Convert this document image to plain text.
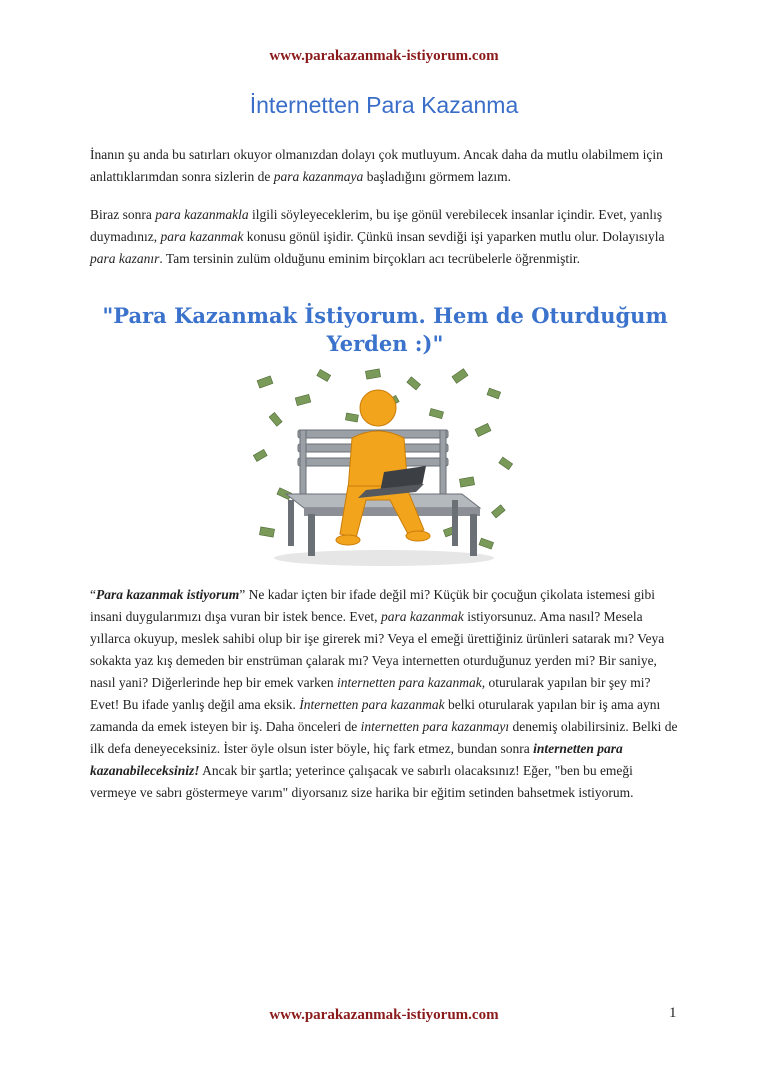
www.parakazanmak-istiyorum.com
İnternetten Para Kazanma

İnanın şu anda bu satırları okuyor olmanızdan dolayı çok mutluyum. Ancak daha da mutlu olabilmem için anlattıklarımdan sonra sizlerin de para kazanmaya başladığını görmem lazım.

Biraz sonra para kazanmakla ilgili söyleyeceklerim, bu işe gönül verebilecek insanlar içindir. Evet, yanlış duymadınız, para kazanmak konusu gönül işidir. Çünkü insan sevdiği işi yaparken mutlu olur. Dolayısıyla para kazanır. Tam tersinin zulüm olduğunu eminim birçokları acı tecrübelerle öğrenmiştir.

"Para Kazanmak İstiyorum. Hem de Oturduğum Yerden :)"

“Para kazanmak istiyorum” Ne kadar içten bir ifade değil mi? Küçük bir çocuğun çikolata istemesi gibi insani duygularımızı dışa vuran bir istek bence. Evet, para kazanmak istiyorsunuz. Ama nasıl? Mesela yıllarca okuyup, meslek sahibi olup bir işe girerek mi? Veya el emeği ürettiğiniz ürünleri satarak mı? Veya sokakta yaz kış demeden bir enstrüman çalarak mı? Veya internetten oturduğunuz yerden mi? Bir saniye, nasıl yani? Diğerlerinde hep bir emek varken internetten para kazanmak, oturularak yapılan bir şey mi? Evet! Bu ifade yanlış değil ama eksik. İnternetten para kazanmak belki oturularak yapılan bir iş ama aynı zamanda da emek isteyen bir iş. Daha önceleri de internetten para kazanmayı denemiş olabilirsiniz. Belki de ilk defa deneyeceksiniz. İster öyle olsun ister böyle, hiç fark etmez, bundan sonra internetten para kazanabileceksiniz! Ancak bir şartla; yeterince çalışacak ve sabırlı olacaksınız! Eğer, "ben bu emeği vermeye ve sabrı göstermeye varım" diyorsanız size harika bir eğitim setinden bahsetmek istiyorum.

www.parakazanmak-istiyorum.com	1
